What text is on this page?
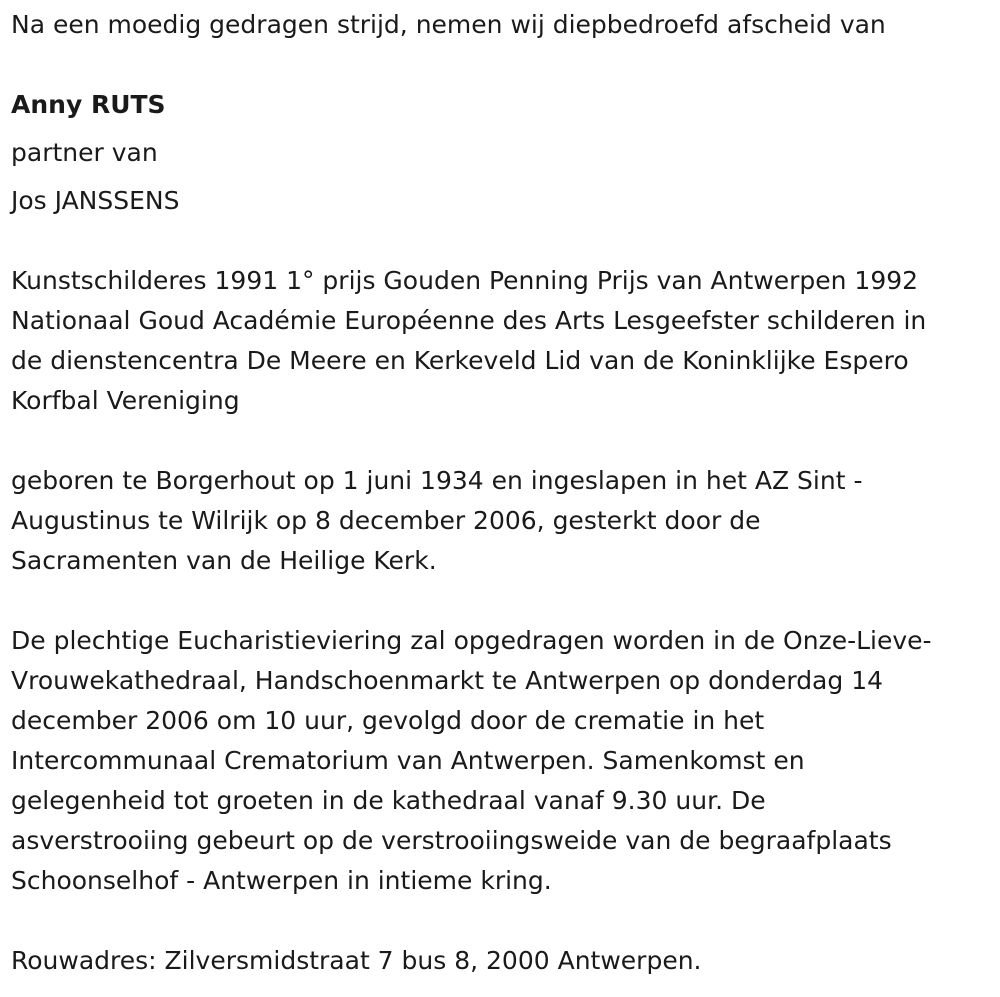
Na een moedig gedragen strijd, nemen wij diepbedroefd afscheid van
Anny RUTS
partner van
Jos JANSSENS
Kunstschilderes 1991 1° prijs Gouden Penning Prijs van Antwerpen 1992
Nationaal Goud Académie Européenne des Arts Lesgeefster schilderen in
de dienstencentra De Meere en Kerkeveld Lid van de Koninklijke Espero
Korfbal Vereniging
geboren te Borgerhout op 1 juni 1934 en ingeslapen in het AZ Sint -
Augustinus te Wilrijk op 8 december 2006, gesterkt door de
Sacramenten van de Heilige Kerk.
De plechtige Eucharistieviering zal opgedragen worden in de Onze-Lieve-
Vrouwekathedraal, Handschoenmarkt te Antwerpen op donderdag 14
december 2006 om 10 uur, gevolgd door de crematie in het
Intercommunaal Crematorium van Antwerpen. Samenkomst en
gelegenheid tot groeten in de kathedraal vanaf 9.30 uur. De
asverstrooiing gebeurt op de verstrooiingsweide van de begraafplaats
Schoonselhof - Antwerpen in intieme kring.
Rouwadres: Zilversmidstraat 7 bus 8, 2000 Antwerpen.
